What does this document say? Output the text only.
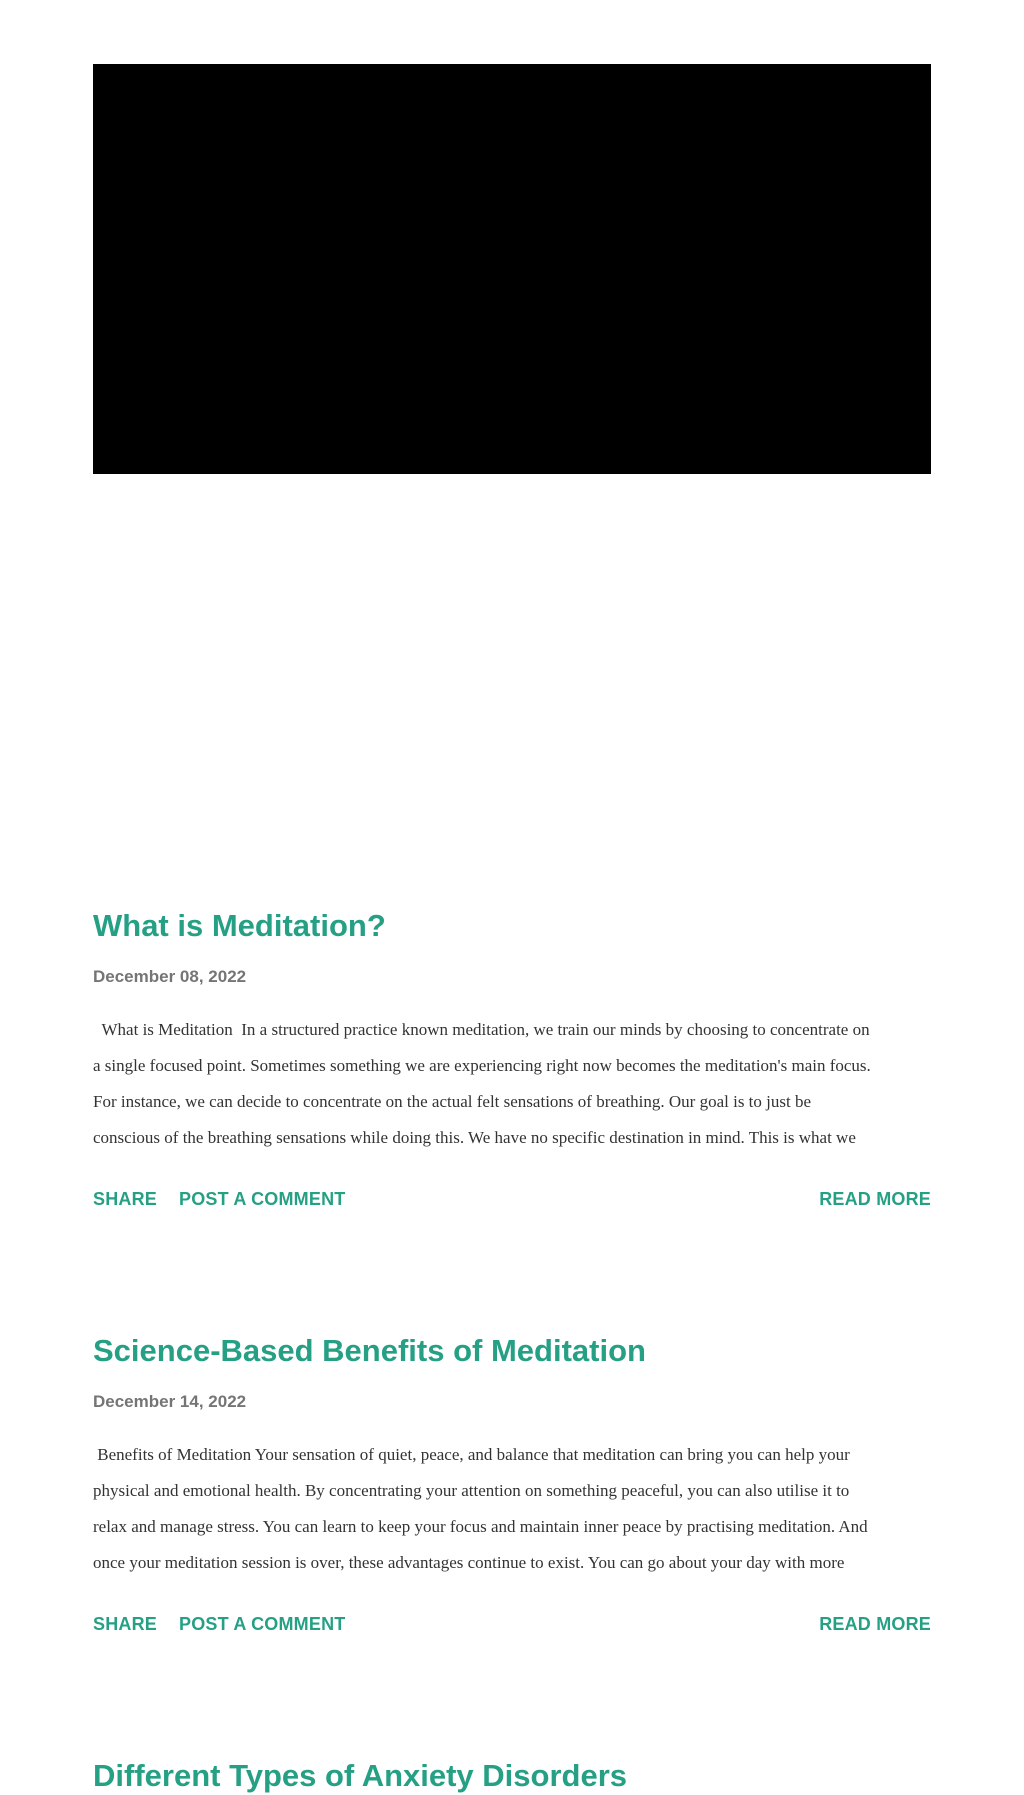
What is Meditation?
December 08, 2022
What is Meditation  In a structured practice known meditation, we train our minds by choosing to concentrate on
a single focused point. Sometimes something we are experiencing right now becomes the meditation's main focus.
For instance, we can decide to concentrate on the actual felt sensations of breathing. Our goal is to just be
conscious of the breathing sensations while doing this. We have no specific destination in mind. This is what we
SHARE POST A COMMENT	READ MORE
Science-Based Benefits of Meditation
December 14, 2022
Benefits of Meditation Your sensation of quiet, peace, and balance that meditation can bring you can help your
physical and emotional health. By concentrating your attention on something peaceful, you can also utilise it to
relax and manage stress. You can learn to keep your focus and maintain inner peace by practising meditation. And
once your meditation session is over, these advantages continue to exist. You can go about your day with more
SHARE POST A COMMENT	READ MORE
Different Types of Anxiety Disorders
